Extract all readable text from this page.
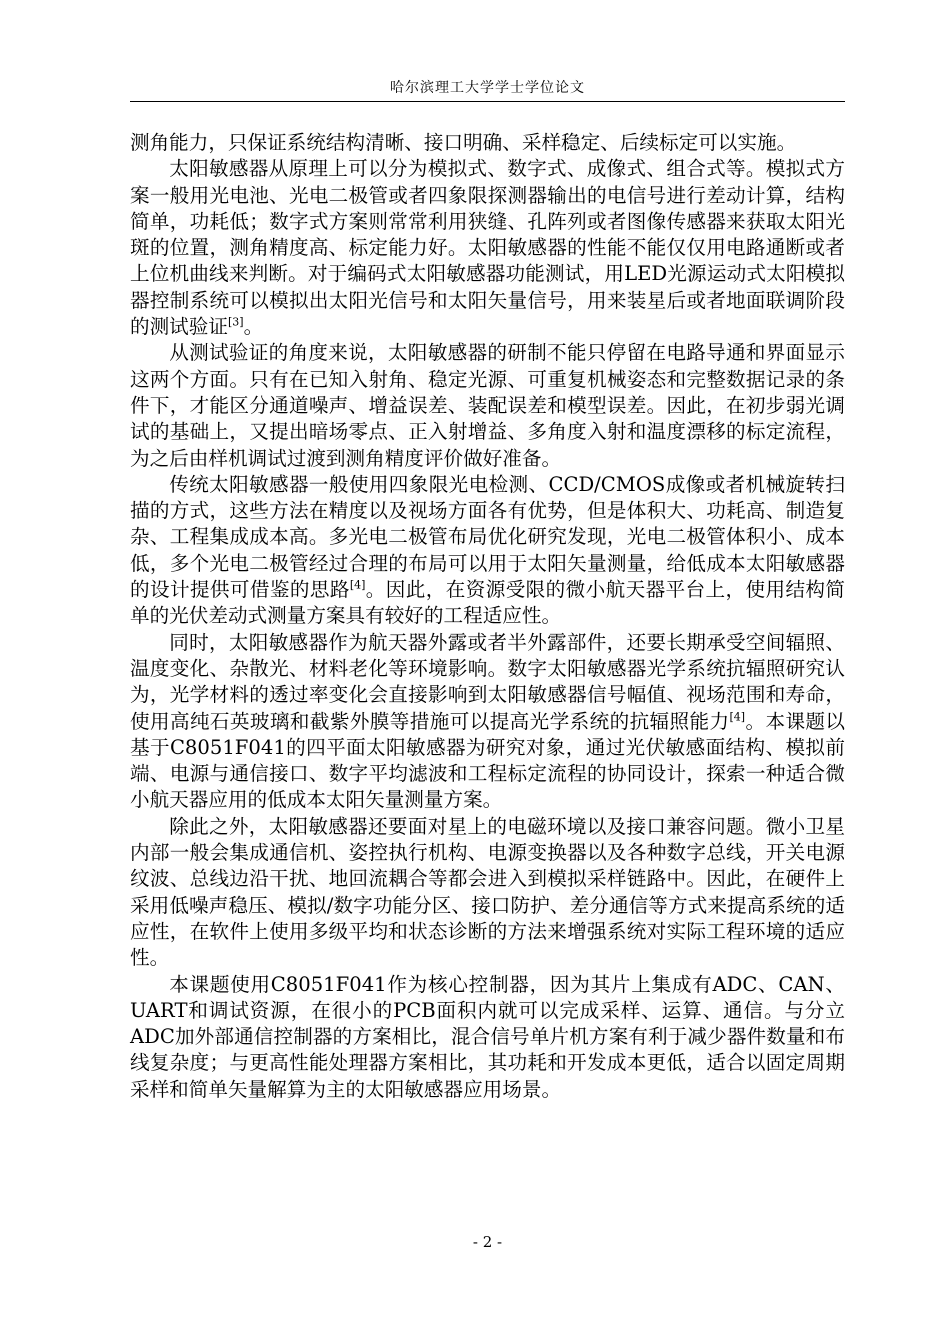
哈尔滨理工大学学士学位论文

测角能力，只保证系统结构清晰、接口明确、采样稳定、后续标定可以实施。

太阳敏感器从原理上可以分为模拟式、数字式、成像式、组合式等。模拟式方案一般用光电池、光电二极管或者四象限探测器输出的电信号进行差动计算，结构简单，功耗低；数字式方案则常常利用狭缝、孔阵列或者图像传感器来获取太阳光斑的位置，测角精度高、标定能力好。太阳敏感器的性能不能仅仅用电路通断或者上位机曲线来判断。对于编码式太阳敏感器功能测试，用LED光源运动式太阳模拟器控制系统可以模拟出太阳光信号和太阳矢量信号，用来装星后或者地面联调阶段的测试验证[3]。

从测试验证的角度来说，太阳敏感器的研制不能只停留在电路导通和界面显示这两个方面。只有在已知入射角、稳定光源、可重复机械姿态和完整数据记录的条件下，才能区分通道噪声、增益误差、装配误差和模型误差。因此，在初步弱光调试的基础上，又提出暗场零点、正入射增益、多角度入射和温度漂移的标定流程，为之后由样机调试过渡到测角精度评价做好准备。

传统太阳敏感器一般使用四象限光电检测、CCD/CMOS成像或者机械旋转扫描的方式，这些方法在精度以及视场方面各有优势，但是体积大、功耗高、制造复杂、工程集成成本高。多光电二极管布局优化研究发现，光电二极管体积小、成本低，多个光电二极管经过合理的布局可以用于太阳矢量测量，给低成本太阳敏感器的设计提供可借鉴的思路[4]。因此，在资源受限的微小航天器平台上，使用结构简单的光伏差动式测量方案具有较好的工程适应性。

同时，太阳敏感器作为航天器外露或者半外露部件，还要长期承受空间辐照、温度变化、杂散光、材料老化等环境影响。数字太阳敏感器光学系统抗辐照研究认为，光学材料的透过率变化会直接影响到太阳敏感器信号幅值、视场范围和寿命，使用高纯石英玻璃和截紫外膜等措施可以提高光学系统的抗辐照能力[4]。本课题以基于C8051F041的四平面太阳敏感器为研究对象，通过光伏敏感面结构、模拟前端、电源与通信接口、数字平均滤波和工程标定流程的协同设计，探索一种适合微小航天器应用的低成本太阳矢量测量方案。

除此之外，太阳敏感器还要面对星上的电磁环境以及接口兼容问题。微小卫星内部一般会集成通信机、姿控执行机构、电源变换器以及各种数字总线，开关电源纹波、总线边沿干扰、地回流耦合等都会进入到模拟采样链路中。因此，在硬件上采用低噪声稳压、模拟/数字功能分区、接口防护、差分通信等方式来提高系统的适应性，在软件上使用多级平均和状态诊断的方法来增强系统对实际工程环境的适应性。

本课题使用C8051F041作为核心控制器，因为其片上集成有ADC、CAN、UART和调试资源，在很小的PCB面积内就可以完成采样、运算、通信。与分立ADC加外部通信控制器的方案相比，混合信号单片机方案有利于减少器件数量和布线复杂度；与更高性能处理器方案相比，其功耗和开发成本更低，适合以固定周期采样和简单矢量解算为主的太阳敏感器应用场景。

- 2 -
